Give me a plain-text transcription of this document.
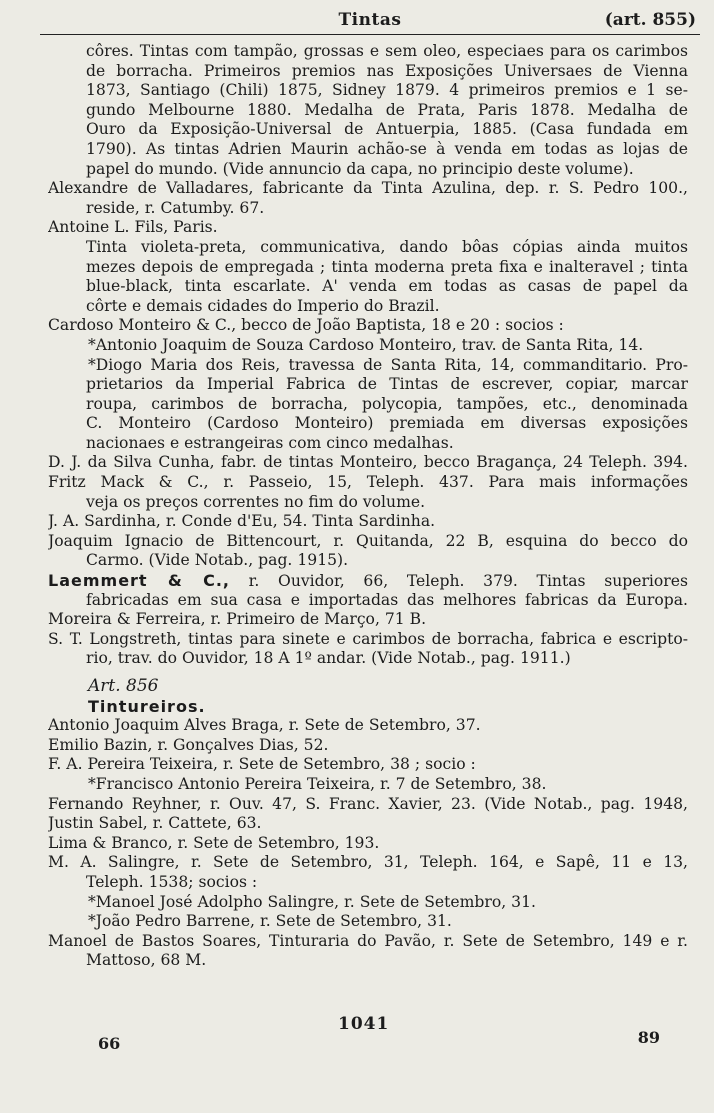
Tintas	(art. 855)
côres. Tintas com tampão, grossas e sem oleo, especiaes para os carimbos
de borracha. Primeiros premios nas Exposições Universaes de Vienna
1873, Santiago (Chili) 1875, Sidney 1879. 4 primeiros premios e 1 se-
gundo Melbourne 1880. Medalha de Prata, Paris 1878. Medalha de
Ouro da Exposição-Universal de Antuerpia, 1885. (Casa fundada em
1790). As tintas Adrien Maurin achão-se à venda em todas as lojas de
papel do mundo. (Vide annuncio da capa, no principio deste volume).
Alexandre de Valladares, fabricante da Tinta Azulina, dep. r. S. Pedro 100.,
reside, r. Catumby. 67.
Antoine L. Fils, Paris.
Tinta violeta-preta, communicativa, dando bôas cópias ainda muitos
mezes depois de empregada ; tinta moderna preta fixa e inalteravel ; tinta
blue-black, tinta escarlate. A' venda em todas as casas de papel da
côrte e demais cidades do Imperio do Brazil.
Cardoso Monteiro & C., becco de João Baptista, 18 e 20 : socios :
*Antonio Joaquim de Souza Cardoso Monteiro, trav. de Santa Rita, 14.
*Diogo Maria dos Reis, travessa de Santa Rita, 14, commanditario. Pro-
prietarios da Imperial Fabrica de Tintas de escrever, copiar, marcar
roupa, carimbos de borracha, polycopia, tampões, etc., denominada
C. Monteiro (Cardoso Monteiro) premiada em diversas exposições
nacionaes e estrangeiras com cinco medalhas.
D. J. da Silva Cunha, fabr. de tintas Monteiro, becco Bragança, 24 Teleph. 394.
Fritz Mack & C., r. Passeio, 15, Teleph. 437. Para mais informações
veja os preços correntes no fim do volume.
J. A. Sardinha, r. Conde d'Eu, 54. Tinta Sardinha.
Joaquim Ignacio de Bittencourt, r. Quitanda, 22 B, esquina do becco do
Carmo. (Vide Notab., pag. 1915).
Laemmert & C., r. Ouvidor, 66, Teleph. 379. Tintas superiores
fabricadas em sua casa e importadas das melhores fabricas da Europa.
Moreira & Ferreira, r. Primeiro de Março, 71 B.
S. T. Longstreth, tintas para sinete e carimbos de borracha, fabrica e escripto-
rio, trav. do Ouvidor, 18 A 1º andar. (Vide Notab., pag. 1911.)
Art. 856
Tintureiros.
Antonio Joaquim Alves Braga, r. Sete de Setembro, 37.
Emilio Bazin, r. Gonçalves Dias, 52.
F. A. Pereira Teixeira, r. Sete de Setembro, 38 ; socio :
*Francisco Antonio Pereira Teixeira, r. 7 de Setembro, 38.
Fernando Reyhner, r. Ouv. 47, S. Franc. Xavier, 23. (Vide Notab., pag. 1948,
Justin Sabel, r. Cattete, 63.
Lima & Branco, r. Sete de Setembro, 193.
M. A. Salingre, r. Sete de Setembro, 31, Teleph. 164, e Sapê, 11 e 13,
Teleph. 1538; socios :
*Manoel José Adolpho Salingre, r. Sete de Setembro, 31.
*João Pedro Barrene, r. Sete de Setembro, 31.
Manoel de Bastos Soares, Tinturaria do Pavão, r. Sete de Setembro, 149 e r.
Mattoso, 68 M.
66
1041
89
